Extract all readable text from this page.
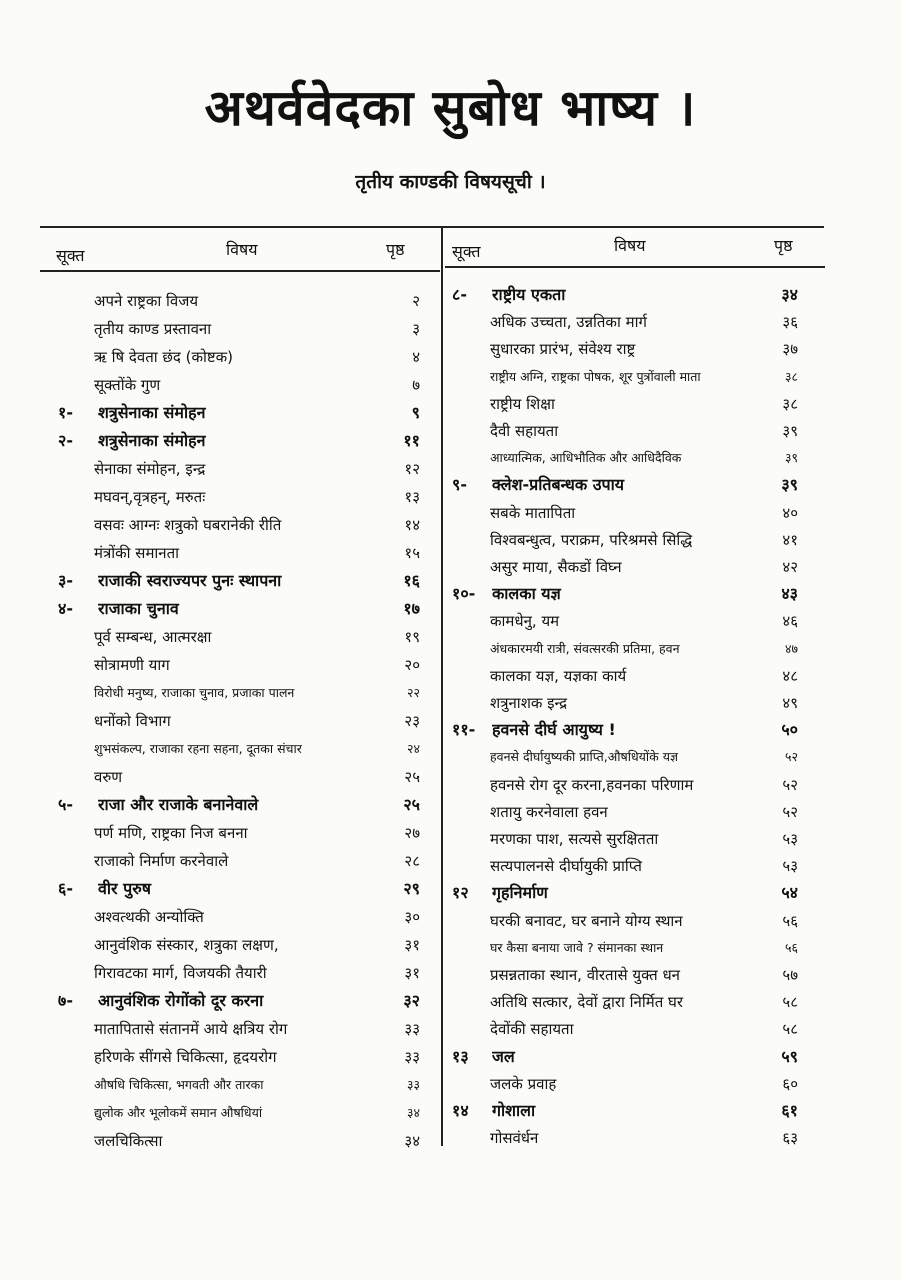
अथर्ववेदका सुबोध भाष्य ।
तृतीय काण्डकी विषयसूची ।
सूक्त	विषय	पृष्ठ	सूक्त	विषय	पृष्ठ
अपने राष्ट्रका विजय	२
तृतीय काण्ड प्रस्तावना	३
ऋ षि देवता छंद (कोष्टक)	४
सूक्तोंके गुण	७
१- शत्रुसेनाका संमोहन	९
२- शत्रुसेनाका संमोहन	११
सेनाका संमोहन, इन्द्र	१२
मघवन्,वृत्रहन्, मरुतः	१३
वसवः आग्नः शत्रुको घबरानेकी रीति	१४
मंत्रोंकी समानता	१५
३- राजाकी स्वराज्यपर पुनः स्थापना	१६
४- राजाका चुनाव	१७
पूर्व सम्बन्ध, आत्मरक्षा	१९
सोत्रामणी याग	२०
विरोधी मनुष्य, राजाका चुनाव, प्रजाका पालन	२२
धनोंको विभाग	२३
शुभसंकल्प, राजाका रहना सहना, दूतका संचार	२४
वरुण	२५
५- राजा और राजाके बनानेवाले	२५
पर्ण मणि, राष्ट्रका निज बनना	२७
राजाको निर्माण करनेवाले	२८
६- वीर पुरुष	२९
अश्वत्थकी अन्योक्ति	३०
आनुवंशिक संस्कार, शत्रुका लक्षण,	३१
गिरावटका मार्ग, विजयकी तैयारी	३१
७- आनुवंशिक रोगोंको दूर करना	३२
मातापितासे संतानमें आये क्षत्रिय रोग	३३
हरिणके सींगसे चिकित्सा, हृदयरोग	३३
औषधि चिकित्सा, भगवती और तारका	३३
द्युलोक और भूलोकमें समान औषधियां	३४
जलचिकित्सा	३४
८- राष्ट्रीय एकता	३४
अधिक उच्चता, उन्नतिका मार्ग	३६
सुधारका प्रारंभ, संवेश्य राष्ट्र	३७
राष्ट्रीय अग्नि, राष्ट्रका पोषक, शूर पुत्रोंवाली माता	३८
राष्ट्रीय शिक्षा	३८
दैवी सहायता	३९
आध्यात्मिक, आधिभौतिक और आधिदैविक	३९
९- क्लेश-प्रतिबन्धक उपाय	३९
सबके मातापिता	४०
विश्वबन्धुत्व, पराक्रम, परिश्रमसे सिद्धि	४१
असुर माया, सैकडों विघ्न	४२
१०- कालका यज्ञ	४३
कामधेनु, यम	४६
अंधकारमयी रात्री, संवत्सरकी प्रतिमा, हवन	४७
कालका यज्ञ, यज्ञका कार्य	४८
शत्रुनाशक इन्द्र	४९
११- हवनसे दीर्घ आयुष्य !	५०
हवनसे दीर्घायुष्यकी प्राप्ति,औषधियोंके यज्ञ	५२
हवनसे रोग दूर करना,हवनका परिणाम	५२
शतायु करनेवाला हवन	५२
मरणका पाश, सत्यसे सुरक्षितता	५३
सत्यपालनसे दीर्घायुकी प्राप्ति	५३
१२ गृहनिर्माण	५४
घरकी बनावट, घर बनाने योग्य स्थान	५६
घर कैसा बनाया जावे ? संमानका स्थान	५६
प्रसन्नताका स्थान, वीरतासे युक्त धन	५७
अतिथि सत्कार, देवों द्वारा निर्मित घर	५८
देवोंकी सहायता	५८
१३ जल	५९
जलके प्रवाह	६०
१४ गोशाला	६१
गोसवंर्धन	६३
